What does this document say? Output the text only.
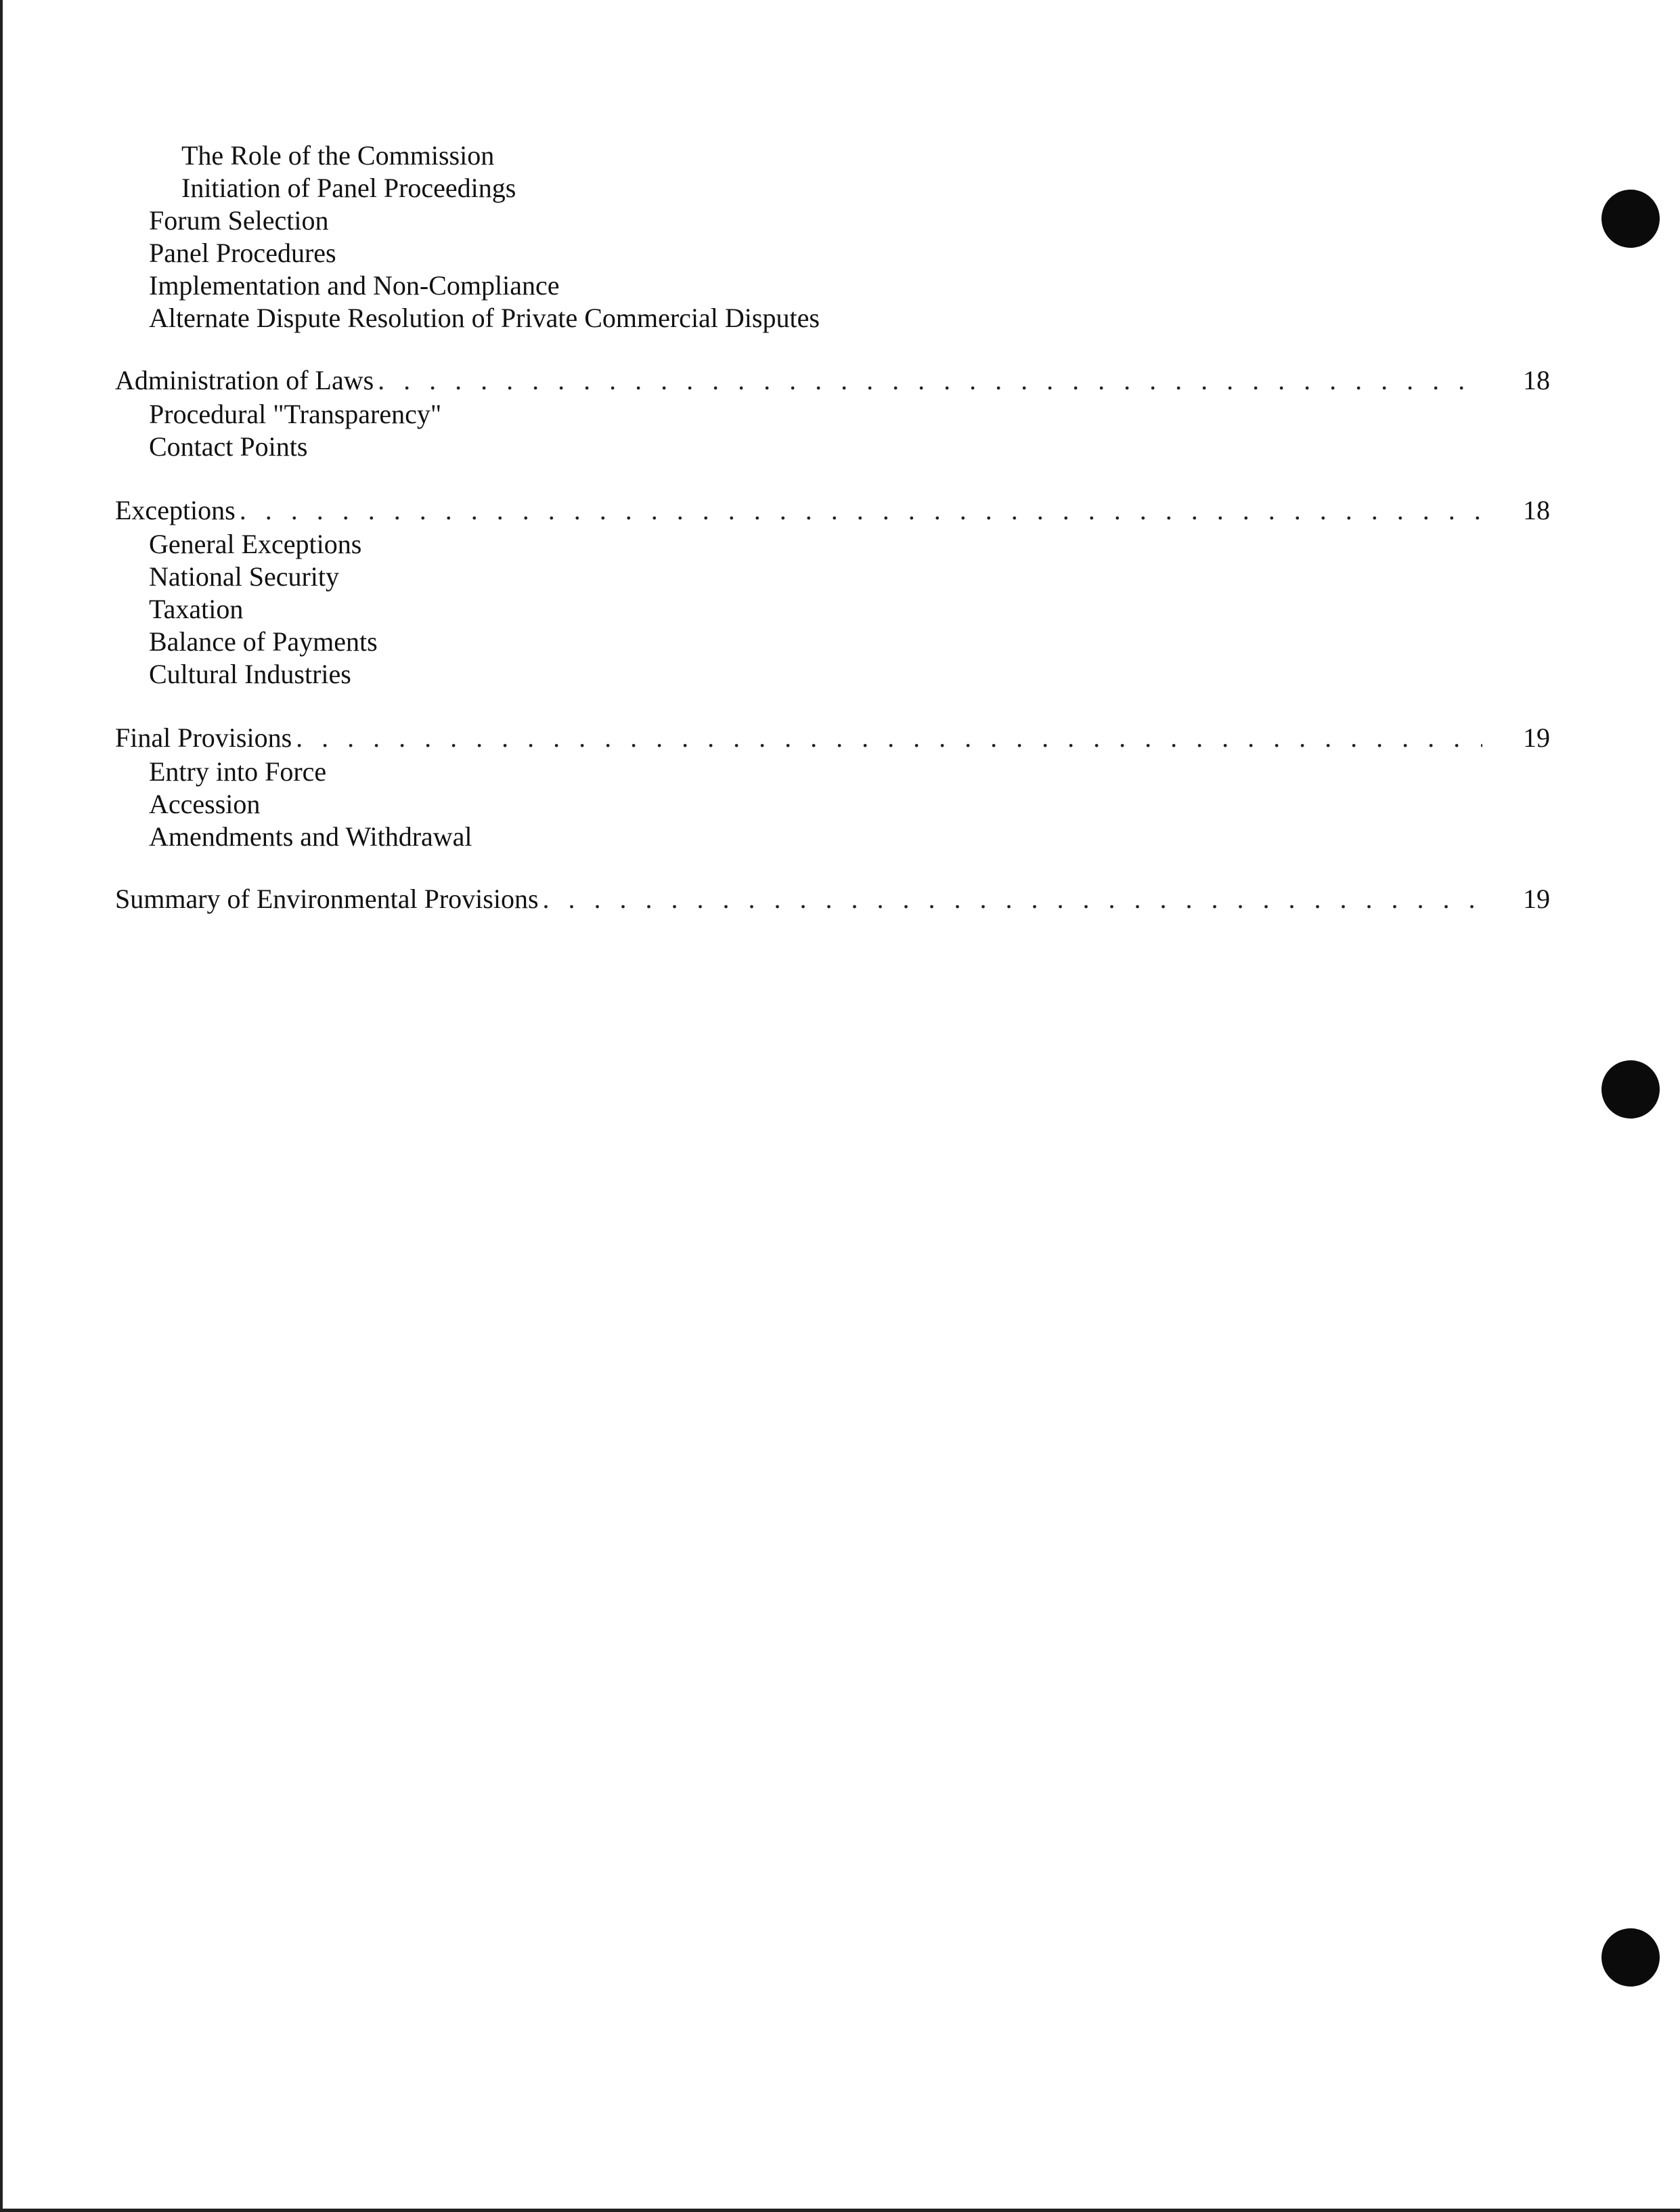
The Role of the Commission
Initiation of Panel Proceedings
Forum Selection
Panel Procedures
Implementation and Non-Compliance
Alternate Dispute Resolution of Private Commercial Disputes
Administration of Laws . . .	18
Procedural "Transparency"
Contact Points
Exceptions . . .	18
General Exceptions
National Security
Taxation
Balance of Payments
Cultural Industries
Final Provisions . . .	19
Entry into Force
Accession
Amendments and Withdrawal
Summary of Environmental Provisions . . .	19
